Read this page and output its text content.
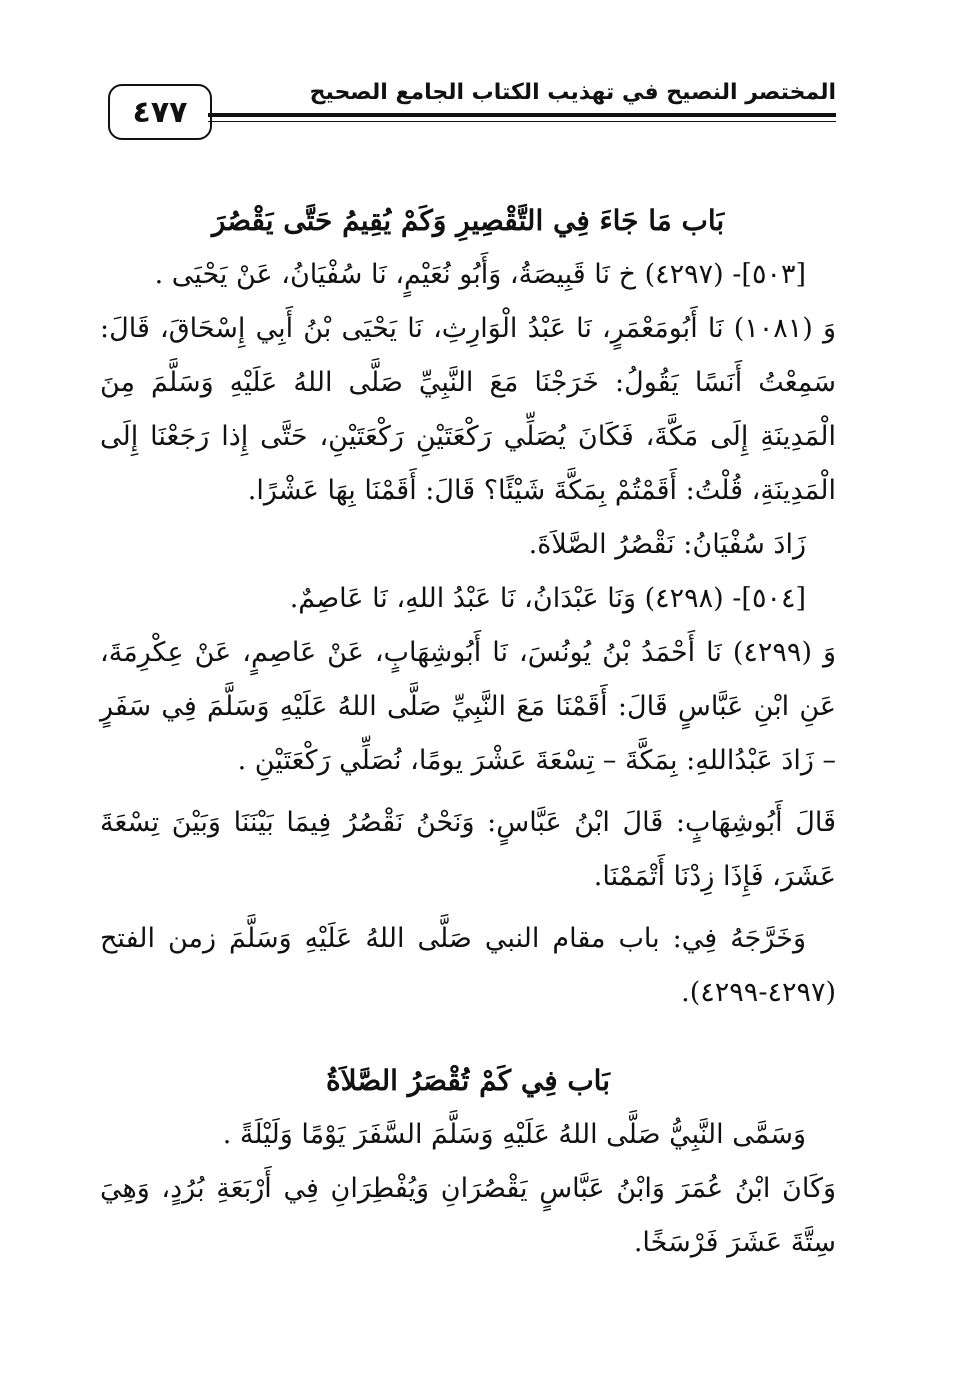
المختصر النصيح في تهذيب الكتاب الجامع الصحيح
٤٧٧

بَاب مَا جَاءَ فِي التَّقْصِيرِ وَكَمْ يُقِيمُ حَتَّى يَقْصُرَ

[٥٠٣]- (٤٢٩٧) خ نَا قَبِيصَةُ، وَأَبُو نُعَيْمٍ، نَا سُفْيَانُ، عَنْ يَحْيَى .

وَ (١٠٨١) نَا أَبُومَعْمَرٍ، نَا عَبْدُ الْوَارِثِ، نَا يَحْيَى بْنُ أَبِي إِسْحَاقَ، قَالَ: سَمِعْتُ أَنَسًا يَقُولُ: خَرَجْنَا مَعَ النَّبِيِّ صَلَّى اللهُ عَلَيْهِ وَسَلَّمَ مِنَ الْمَدِينَةِ إِلَى مَكَّةَ، فَكَانَ يُصَلِّي رَكْعَتَيْنِ رَكْعَتَيْنِ، حَتَّى إِذا رَجَعْنَا إِلَى الْمَدِينَةِ، قُلْتُ: أَقَمْتُمْ بِمَكَّةَ شَيْئًا؟ قَالَ: أَقَمْنَا بِهَا عَشْرًا.

زَادَ سُفْيَانُ: نَقْصُرُ الصَّلاَةَ.

[٥٠٤]- (٤٢٩٨) وَنَا عَبْدَانُ، نَا عَبْدُ اللهِ، نَا عَاصِمٌ.

وَ (٤٢٩٩) نَا أَحْمَدُ بْنُ يُونُسَ، نَا أَبُوشِهَابٍ، عَنْ عَاصِمٍ، عَنْ عِكْرِمَةَ، عَنِ ابْنِ عَبَّاسٍ قَالَ: أَقَمْنَا مَعَ النَّبِيِّ صَلَّى اللهُ عَلَيْهِ وَسَلَّمَ فِي سَفَرٍ – زَادَ عَبْدُاللهِ: بِمَكَّةَ – تِسْعَةَ عَشْرَ يومًا، نُصَلِّي رَكْعَتَيْنِ .

قَالَ أَبُوشِهَابٍ: قَالَ ابْنُ عَبَّاسٍ: وَنَحْنُ نَقْصُرُ فِيمَا بَيْنَنَا وَبَيْنَ تِسْعَةَ عَشَرَ، فَإِذَا زِدْنَا أَتْمَمْنَا.

وَخَرَّجَهُ فِي: باب مقام النبي صَلَّى اللهُ عَلَيْهِ وَسَلَّمَ زمن الفتح (٤٢٩٧-٤٢٩٩).

بَاب فِي كَمْ تُقْصَرُ الصَّلاَةُ

وَسَمَّى النَّبِيُّ صَلَّى اللهُ عَلَيْهِ وَسَلَّمَ السَّفَرَ يَوْمًا وَلَيْلَةً .

وَكَانَ ابْنُ عُمَرَ وَابْنُ عَبَّاسٍ يَقْصُرَانِ وَيُفْطِرَانِ فِي أَرْبَعَةِ بُرُدٍ، وَهِيَ سِتَّةَ عَشَرَ فَرْسَخًا.
